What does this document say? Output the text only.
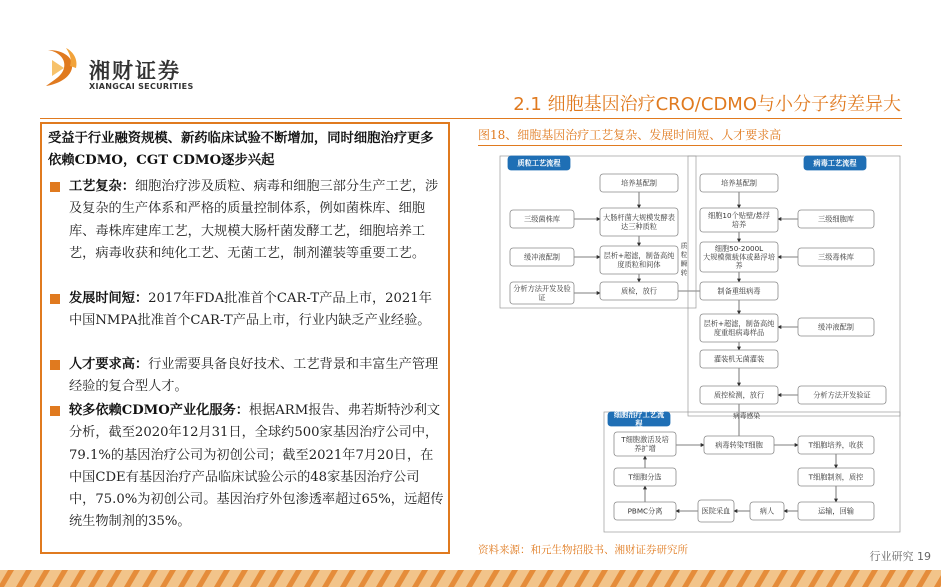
湘财证券
XIANGCAI SECURITIES
2.1 细胞基因治疗CRO/CDMO与小分子药差异大
受益于行业融资规模、新药临床试验不断增加，同时细胞治疗更多依赖CDMO，CGT CDMO逐步兴起
工艺复杂：细胞治疗涉及质粒、病毒和细胞三部分生产工艺，涉及复杂的生产体系和严格的质量控制体系，例如菌株库、细胞库、毒株库建库工艺，大规模大肠杆菌发酵工艺，细胞培养工艺，病毒收获和纯化工艺、无菌工艺，制剂灌装等重要工艺。
发展时间短：2017年FDA批准首个CAR-T产品上市，2021年中国NMPA批准首个CAR-T产品上市，行业内缺乏产业经验。
人才要求高：行业需要具备良好技术、工艺背景和丰富生产管理经验的复合型人才。
较多依赖CDMO产业化服务：根据ARM报告、弗若斯特沙利文分析，截至2020年12月31日，全球约500家基因治疗公司中，79.1%的基因治疗公司为初创公司；截至2021年7月20日，在中国CDE有基因治疗产品临床试验公示的48家基因治疗公司中，75.0%为初创公司。基因治疗外包渗透率超过65%，远超传统生物制剂的35%。
图18、细胞基因治疗工艺复杂、发展时间短、人才要求高
质粒工艺流程	病毒工艺流程
细胞治疗工艺流程
培养基配制
大肠杆菌大规模发酵表达三种质粒
层析+超滤，制备高纯度质粒和间体
质检，放行
三级菌株库
缓冲液配制
分析方法开发及验证
质粒瞬转
培养基配制
细胞10个贴壁/悬浮培养
细胞50-2000L 大规模微载体或悬浮培养
制备重组病毒
层析+超滤，制备高纯度重组病毒样品
灌装机无菌灌装
质控检测，放行
三级细胞库
三级毒株库
缓冲液配制
分析方法开发验证
病毒感染
T细胞激活及培养扩增
T细胞分选
PBMC分离
病毒转染T细胞
医院采血	病人
T细胞培养，收获
T细胞制剂，质控
运输，回输
资料来源：和元生物招股书、湘财证券研究所	行业研究 19
